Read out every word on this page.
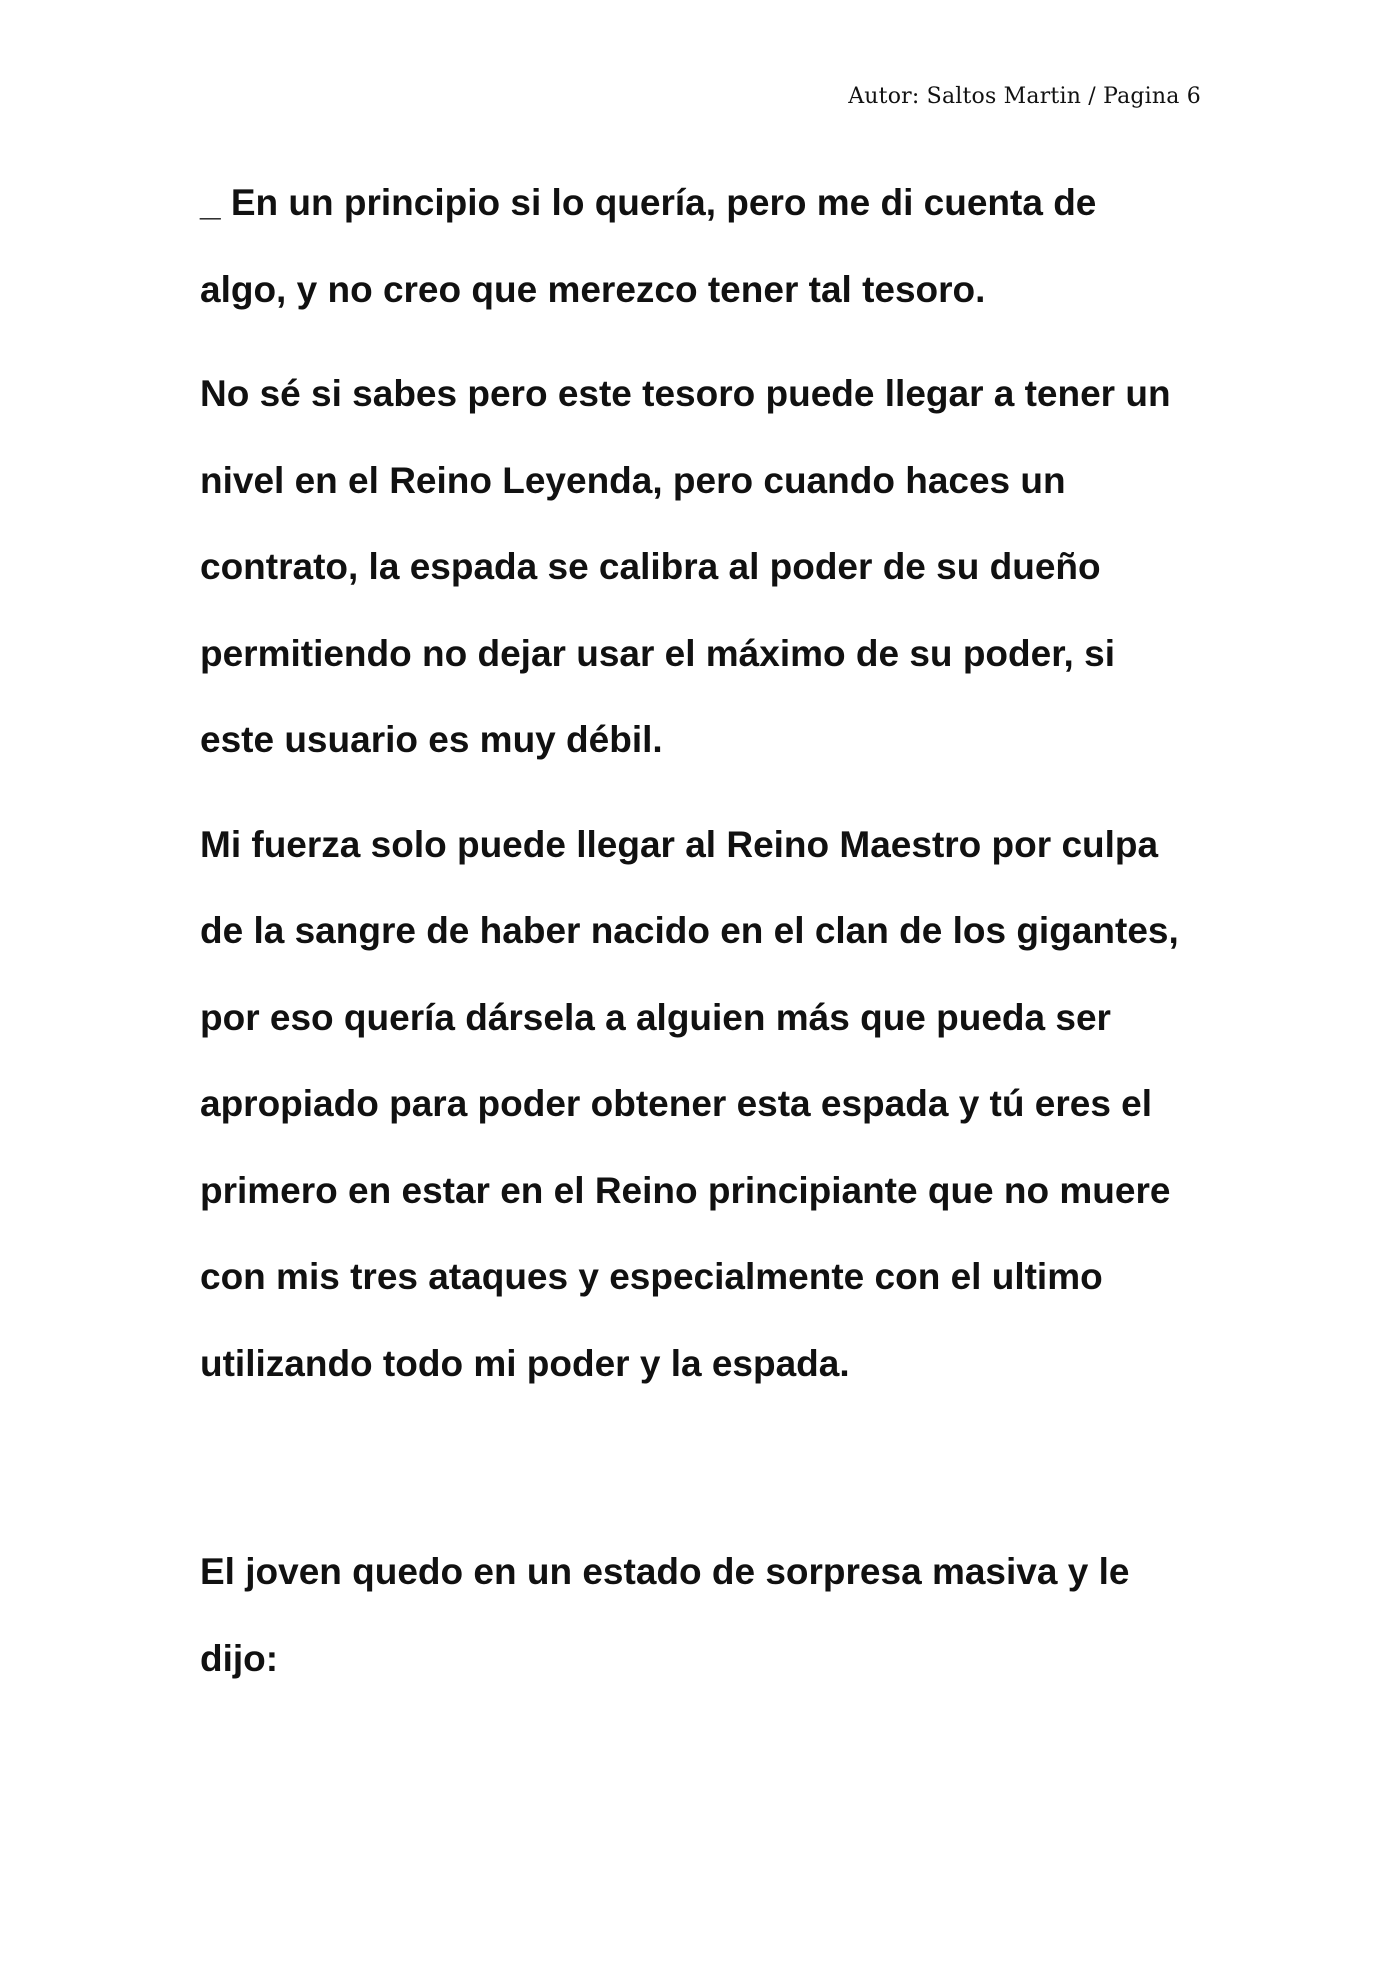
Autor: Saltos Martin / Pagina 6

_ En un principio si lo quería, pero me di cuenta de
algo, y no creo que merezco tener tal tesoro.

No sé si sabes pero este tesoro puede llegar a tener un
nivel en el Reino Leyenda, pero cuando haces un
contrato, la espada se calibra al poder de su dueño
permitiendo no dejar usar el máximo de su poder, si
este usuario es muy débil.

Mi fuerza solo puede llegar al Reino Maestro por culpa
de la sangre de haber nacido en el clan de los gigantes,
por eso quería dársela a alguien más que pueda ser
apropiado para poder obtener esta espada y tú eres el
primero en estar en el Reino principiante que no muere
con mis tres ataques y especialmente con el ultimo
utilizando todo mi poder y la espada.

El joven quedo en un estado de sorpresa masiva y le
dijo:
